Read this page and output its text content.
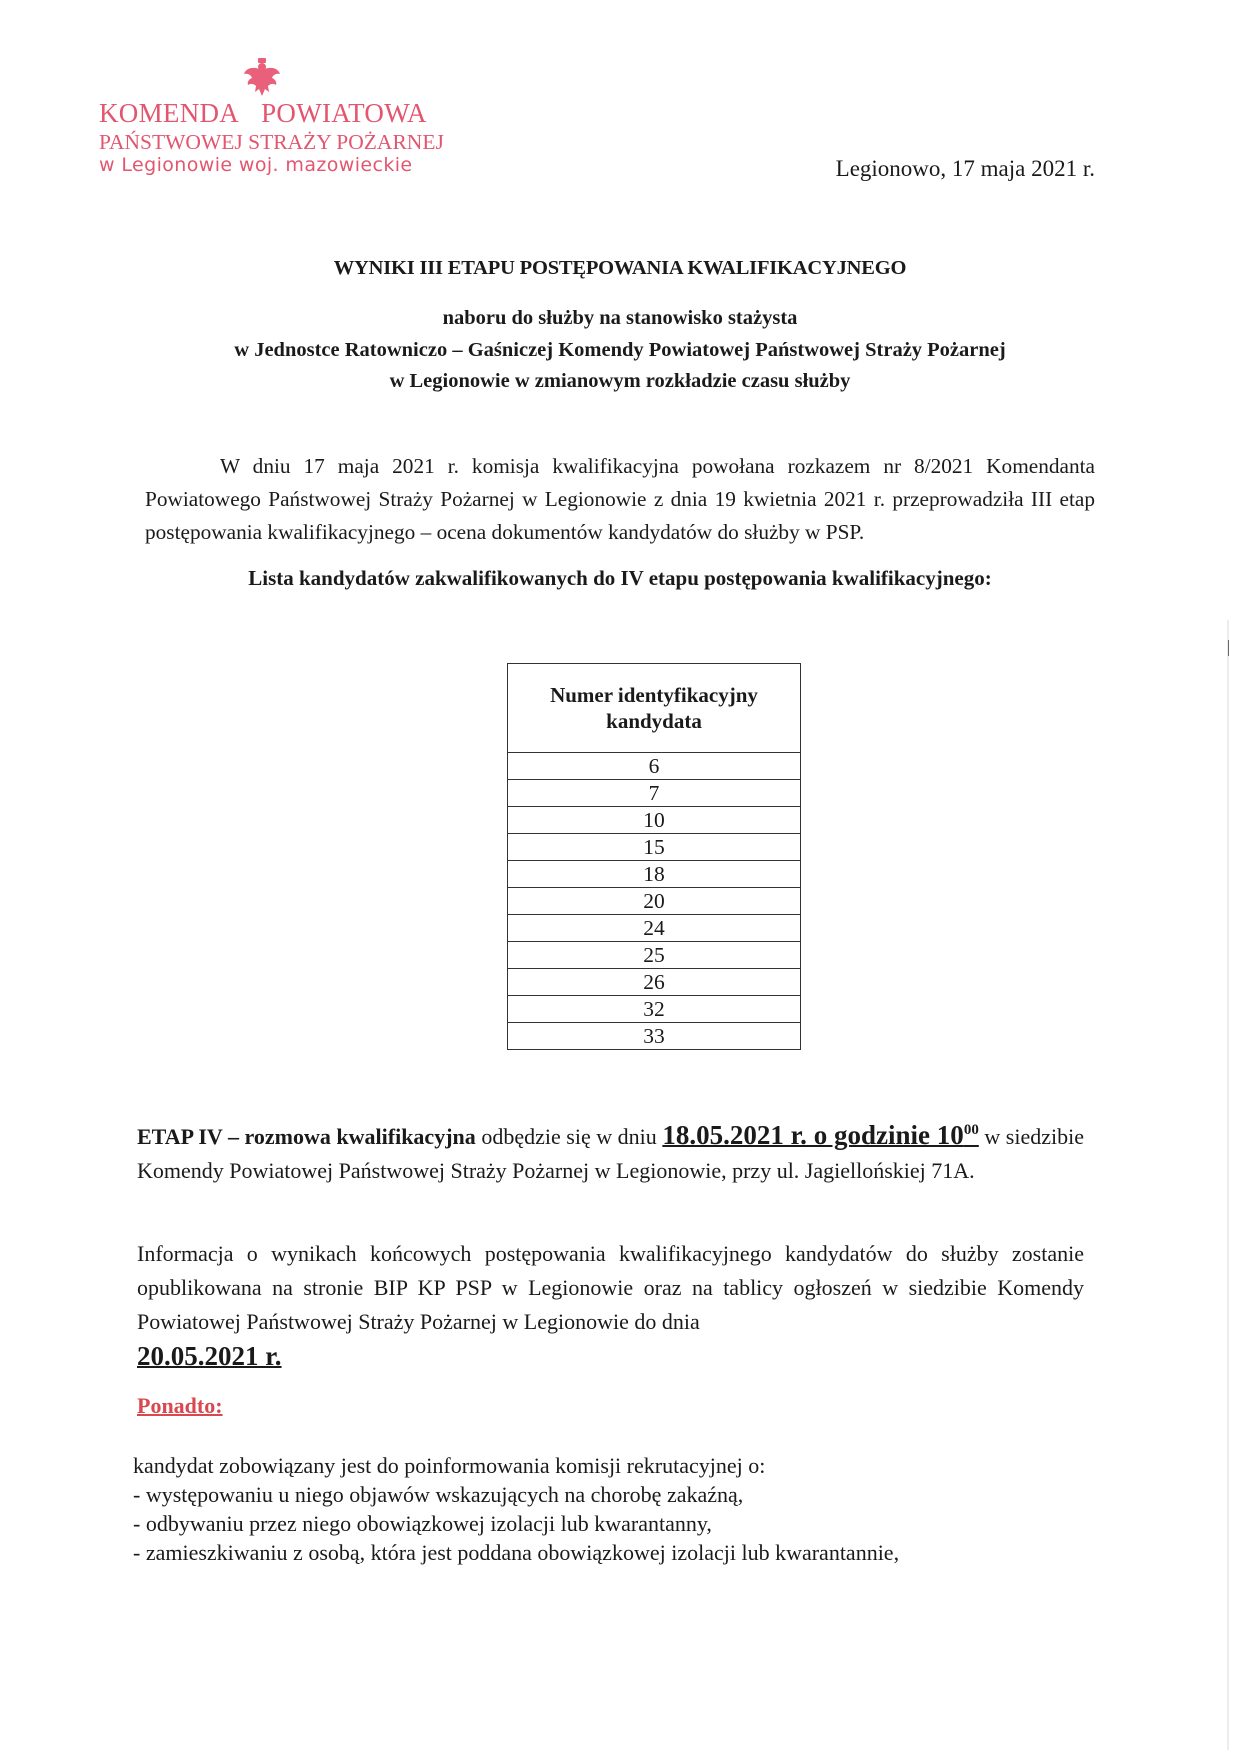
KOMENDA POWIATOWA
PAŃSTWOWEJ STRAŻY POŻARNEJ
w Legionowie woj. mazowieckie	Legionowo, 17 maja 2021 r.
WYNIKI III ETAPU POSTĘPOWANIA KWALIFIKACYJNEGO
naboru do służby na stanowisko stażysta
w Jednostce Ratowniczo – Gaśniczej Komendy Powiatowej Państwowej Straży Pożarnej
w Legionowie w zmianowym rozkładzie czasu służby
W dniu 17 maja 2021 r. komisja kwalifikacyjna powołana rozkazem nr 8/2021 Komendanta Powiatowego Państwowej Straży Pożarnej w Legionowie z dnia 19 kwietnia 2021 r. przeprowadziła III etap postępowania kwalifikacyjnego – ocena dokumentów kandydatów do służby w PSP.
Lista kandydatów zakwalifikowanych do IV etapu postępowania kwalifikacyjnego:
Numer identyfikacyjny kandydata
6
7
10
15
18
20
24
25
26
32
33
ETAP IV – rozmowa kwalifikacyjna odbędzie się w dniu 18.05.2021 r. o godzinie $10^{00}$ w siedzibie Komendy Powiatowej Państwowej Straży Pożarnej w Legionowie, przy ul. Jagiellońskiej 71A.
Informacja o wynikach końcowych postępowania kwalifikacyjnego kandydatów do służby zostanie opublikowana na stronie BIP KP PSP w Legionowie oraz na tablicy ogłoszeń w siedzibie Komendy Powiatowej Państwowej Straży Pożarnej w Legionowie do dnia
20.05.2021 r.
Ponadto:
kandydat zobowiązany jest do poinformowania komisji rekrutacyjnej o:
- występowaniu u niego objawów wskazujących na chorobę zakaźną,
- odbywaniu przez niego obowiązkowej izolacji lub kwarantanny,
- zamieszkiwaniu z osobą, która jest poddana obowiązkowej izolacji lub kwarantannie,
